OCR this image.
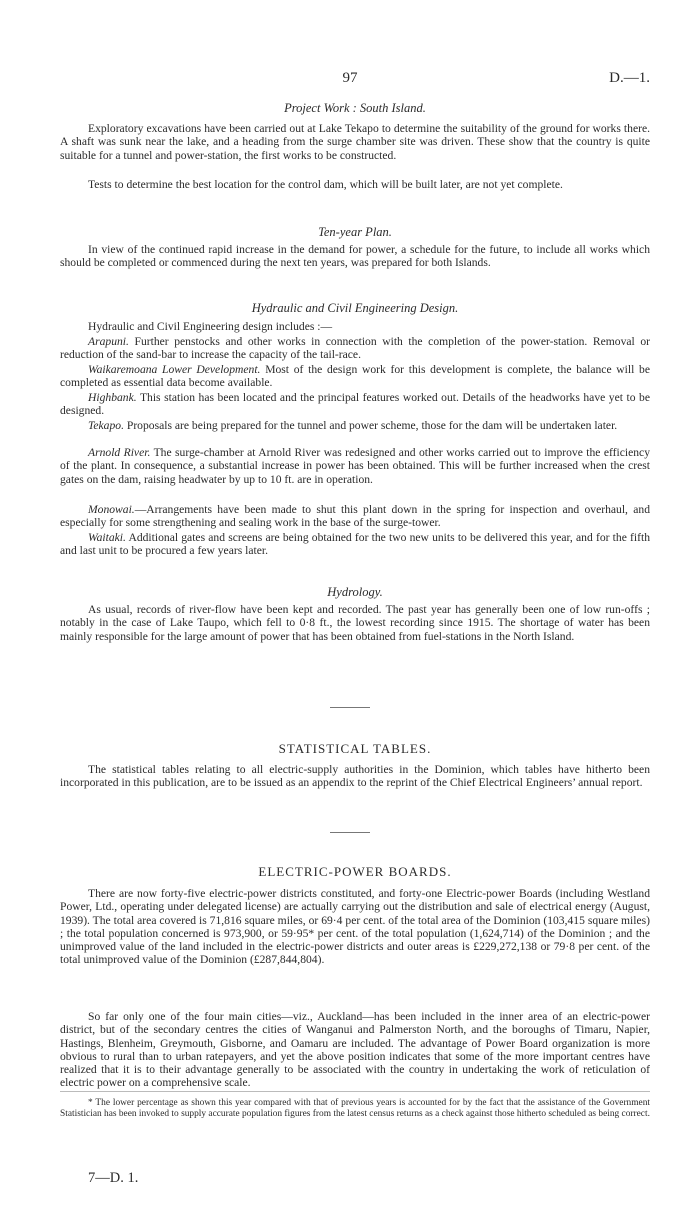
97	D.—1.
Project Work : South Island.

Exploratory excavations have been carried out at Lake Tekapo to determine the suitability of the ground for works there. A shaft was sunk near the lake, and a heading from the surge chamber site was driven. These show that the country is quite suitable for a tunnel and power-station, the first works to be constructed.

Tests to determine the best location for the control dam, which will be built later, are not yet complete.

Ten-year Plan.

In view of the continued rapid increase in the demand for power, a schedule for the future, to include all works which should be completed or commenced during the next ten years, was prepared for both Islands.

Hydraulic and Civil Engineering Design.

Hydraulic and Civil Engineering design includes :—

Arapuni. Further penstocks and other works in connection with the completion of the power-station. Removal or reduction of the sand-bar to increase the capacity of the tail-race.

Waikaremoana Lower Development. Most of the design work for this development is complete, the balance will be completed as essential data become available.

Highbank. This station has been located and the principal features worked out. Details of the headworks have yet to be designed.

Tekapo. Proposals are being prepared for the tunnel and power scheme, those for the dam will be undertaken later.

Arnold River. The surge-chamber at Arnold River was redesigned and other works carried out to improve the efficiency of the plant. In consequence, a substantial increase in power has been obtained. This will be further increased when the crest gates on the dam, raising headwater by up to 10 ft. are in operation.

Monowai.—Arrangements have been made to shut this plant down in the spring for inspection and overhaul, and especially for some strengthening and sealing work in the base of the surge-tower.

Waitaki. Additional gates and screens are being obtained for the two new units to be delivered this year, and for the fifth and last unit to be procured a few years later.

Hydrology.

As usual, records of river-flow have been kept and recorded. The past year has generally been one of low run-offs ; notably in the case of Lake Taupo, which fell to 0·8 ft., the lowest recording since 1915. The shortage of water has been mainly responsible for the large amount of power that has been obtained from fuel-stations in the North Island.

STATISTICAL TABLES.

The statistical tables relating to all electric-supply authorities in the Dominion, which tables have hitherto been incorporated in this publication, are to be issued as an appendix to the reprint of the Chief Electrical Engineers’ annual report.

ELECTRIC-POWER BOARDS.

There are now forty-five electric-power districts constituted, and forty-one Electric-power Boards (including Westland Power, Ltd., operating under delegated license) are actually carrying out the distribution and sale of electrical energy (August, 1939). The total area covered is 71,816 square miles, or 69·4 per cent. of the total area of the Dominion (103,415 square miles) ; the total population concerned is 973,900, or 59·95* per cent. of the total population (1,624,714) of the Dominion ; and the unimproved value of the land included in the electric-power districts and outer areas is £229,272,138 or 79·8 per cent. of the total unimproved value of the Dominion (£287,844,804).

So far only one of the four main cities—viz., Auckland—has been included in the inner area of an electric-power district, but of the secondary centres the cities of Wanganui and Palmerston North, and the boroughs of Timaru, Napier, Hastings, Blenheim, Greymouth, Gisborne, and Oamaru are included. The advantage of Power Board organization is more obvious to rural than to urban ratepayers, and yet the above position indicates that some of the more important centres have realized that it is to their advantage generally to be associated with the country in undertaking the work of reticulation of electric power on a comprehensive scale.

* The lower percentage as shown this year compared with that of previous years is accounted for by the fact that the assistance of the Government Statistician has been invoked to supply accurate population figures from the latest census returns as a check against those hitherto scheduled as being correct.

7—D. 1.
